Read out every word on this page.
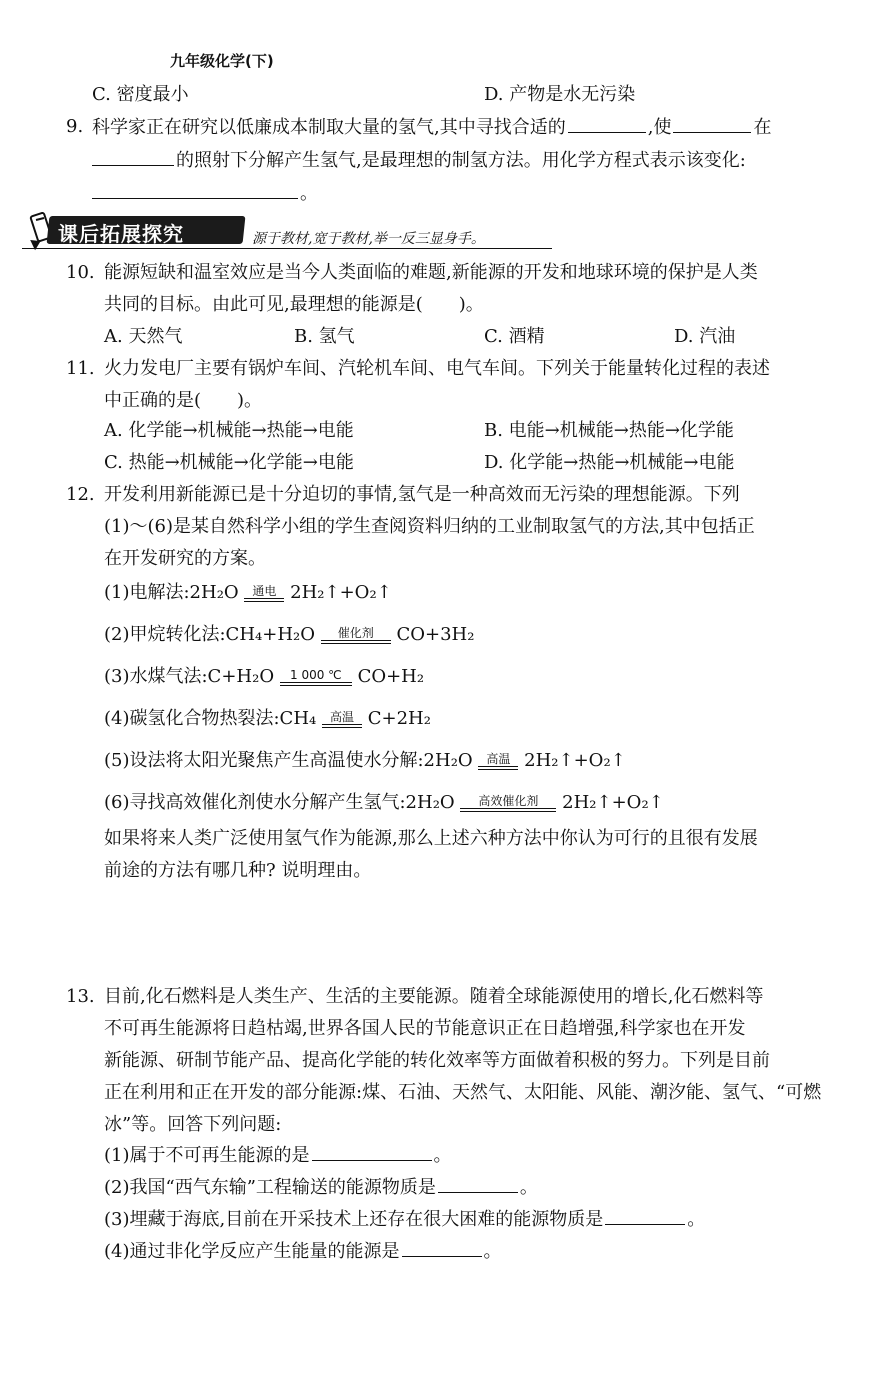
九年级化学(下)
C. 密度最小	D. 产物是水无污染
9. 科学家正在研究以低廉成本制取大量的氢气,其中寻找合适的	,使	在
的照射下分解产生氢气,是最理想的制氢方法。用化学方程式表示该变化:
。
课后拓展探究	源于教材,宽于教材,举一反三显身手。
10. 能源短缺和温室效应是当今人类面临的难题,新能源的开发和地球环境的保护是人类
共同的目标。由此可见,最理想的能源是(　　)。
A. 天然气	B. 氢气	C. 酒精	D. 汽油
11. 火力发电厂主要有锅炉车间、汽轮机车间、电气车间。下列关于能量转化过程的表述
中正确的是(　　)。
A. 化学能→机械能→热能→电能	B. 电能→机械能→热能→化学能
C. 热能→机械能→化学能→电能	D. 化学能→热能→机械能→电能
12. 开发利用新能源已是十分迫切的事情,氢气是一种高效而无污染的理想能源。下列
(1)～(6)是某自然科学小组的学生查阅资料归纳的工业制取氢气的方法,其中包括正
在开发研究的方案。
(1)电解法:2H₂O	通电 2H₂↑+O₂↑
(2)甲烷转化法:CH₄+H₂O	催化剂	CO+3H₂
(3)水煤气法:C+H₂O	1 000 ℃ CO+H₂
(4)碳氢化合物热裂法:CH₄	高温 C+2H₂
(5)设法将太阳光聚焦产生高温使水分解:2H₂O	高温 2H₂↑+O₂↑
(6)寻找高效催化剂使水分解产生氢气:2H₂O	高效催化剂	2H₂↑+O₂↑
如果将来人类广泛使用氢气作为能源,那么上述六种方法中你认为可行的且很有发展
前途的方法有哪几种? 说明理由。
13. 目前,化石燃料是人类生产、生活的主要能源。随着全球能源使用的增长,化石燃料等
不可再生能源将日趋枯竭,世界各国人民的节能意识正在日趋增强,科学家也在开发
新能源、研制节能产品、提高化学能的转化效率等方面做着积极的努力。下列是目前
正在利用和正在开发的部分能源:煤、石油、天然气、太阳能、风能、潮汐能、氢气、“可燃
冰”等。回答下列问题:
(1)属于不可再生能源的是	。
(2)我国“西气东输”工程输送的能源物质是	。
(3)埋藏于海底,目前在开采技术上还存在很大困难的能源物质是	。
(4)通过非化学反应产生能量的能源是	。
